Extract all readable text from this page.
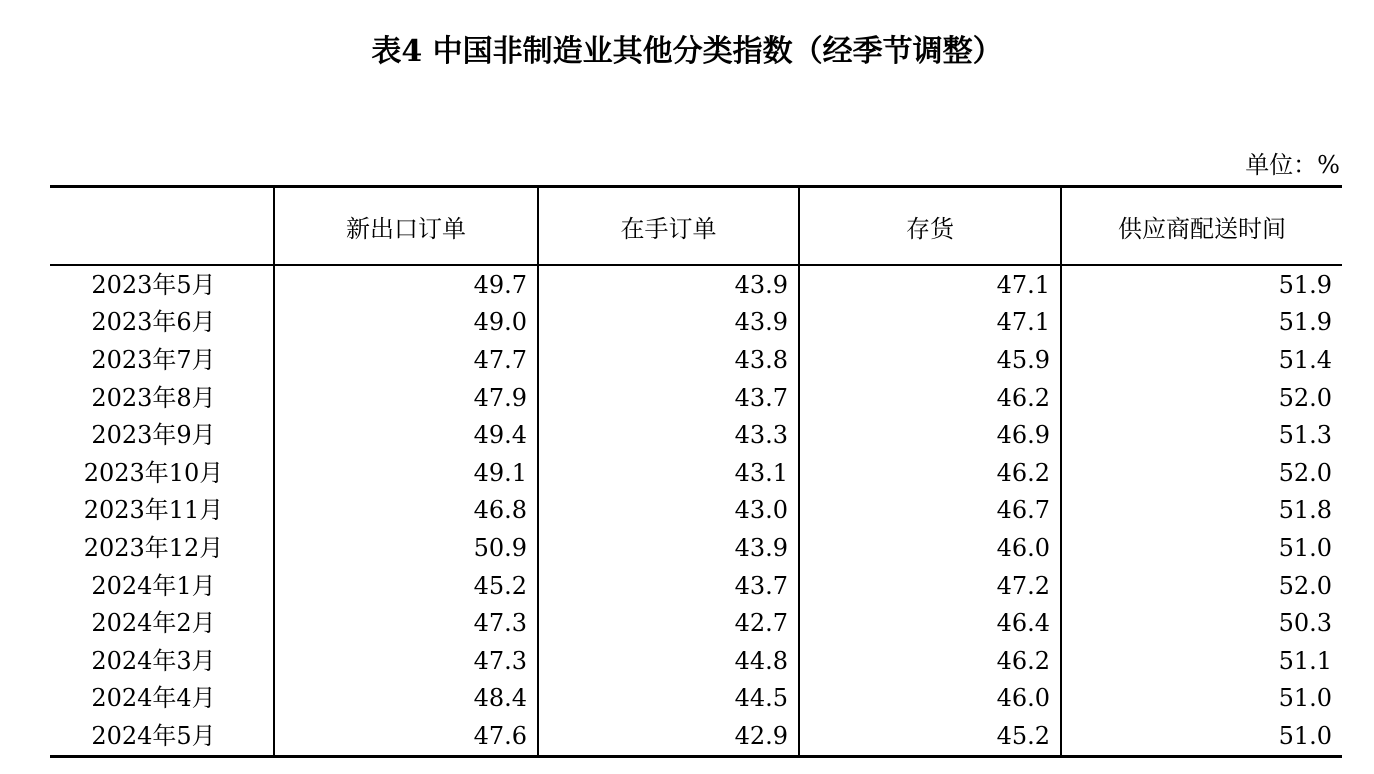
表4 中国非制造业其他分类指数（经季节调整）
单位：%
	新出口订单	在手订单	存货	供应商配送时间
2023年5月	49.7	43.9	47.1	51.9
2023年6月	49.0	43.9	47.1	51.9
2023年7月	47.7	43.8	45.9	51.4
2023年8月	47.9	43.7	46.2	52.0
2023年9月	49.4	43.3	46.9	51.3
2023年10月	49.1	43.1	46.2	52.0
2023年11月	46.8	43.0	46.7	51.8
2023年12月	50.9	43.9	46.0	51.0
2024年1月	45.2	43.7	47.2	52.0
2024年2月	47.3	42.7	46.4	50.3
2024年3月	47.3	44.8	46.2	51.1
2024年4月	48.4	44.5	46.0	51.0
2024年5月	47.6	42.9	45.2	51.0
